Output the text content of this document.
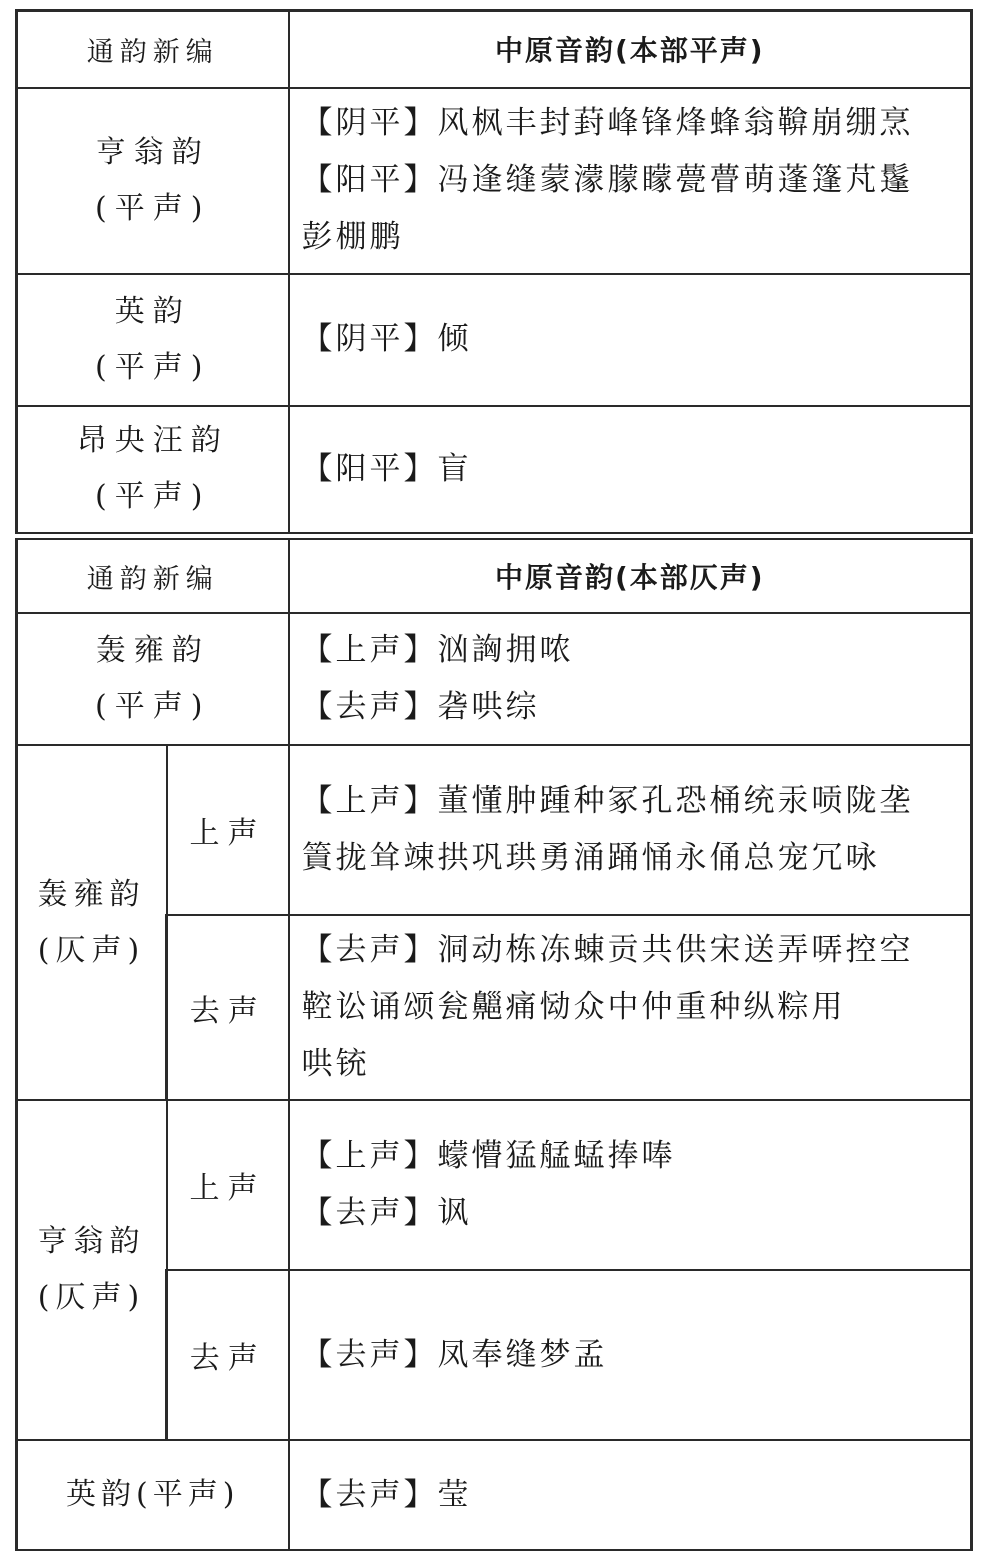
通韵新编	中原音韵(本部平声)

亨翁韵
(平声)	【阴平】风枫丰封葑峰锋烽蜂翁鞥崩绷烹
【阳平】冯逢缝蒙濛朦矇甍瞢萌蓬篷芃鬔
彭棚鹏

英韵
(平声)	【阴平】倾

昂央汪韵
(平声)	【阳平】盲
通韵新编		中原音韵(本部仄声)

轰雍韵
(平声)		【上声】汹詾拥哝
【去声】砻哄综

轰雍韵
(仄声)	上声	【上声】董懂肿踵种冢孔恐桶统汞唝陇垄
篢拢耸竦拱巩珙勇涌踊悀永俑总宠冗咏

	去声	【去声】洞动栋冻蝀贡共供宋送弄哢控空
鞚讼诵颂瓮齆痛恸众中仲重种纵粽用
哄铳

亨翁韵
(仄声)	上声	【上声】蠓懵猛艋蜢捧唪
【去声】讽

	去声	【去声】凤奉缝梦孟

英韵(平声)		【去声】莹
